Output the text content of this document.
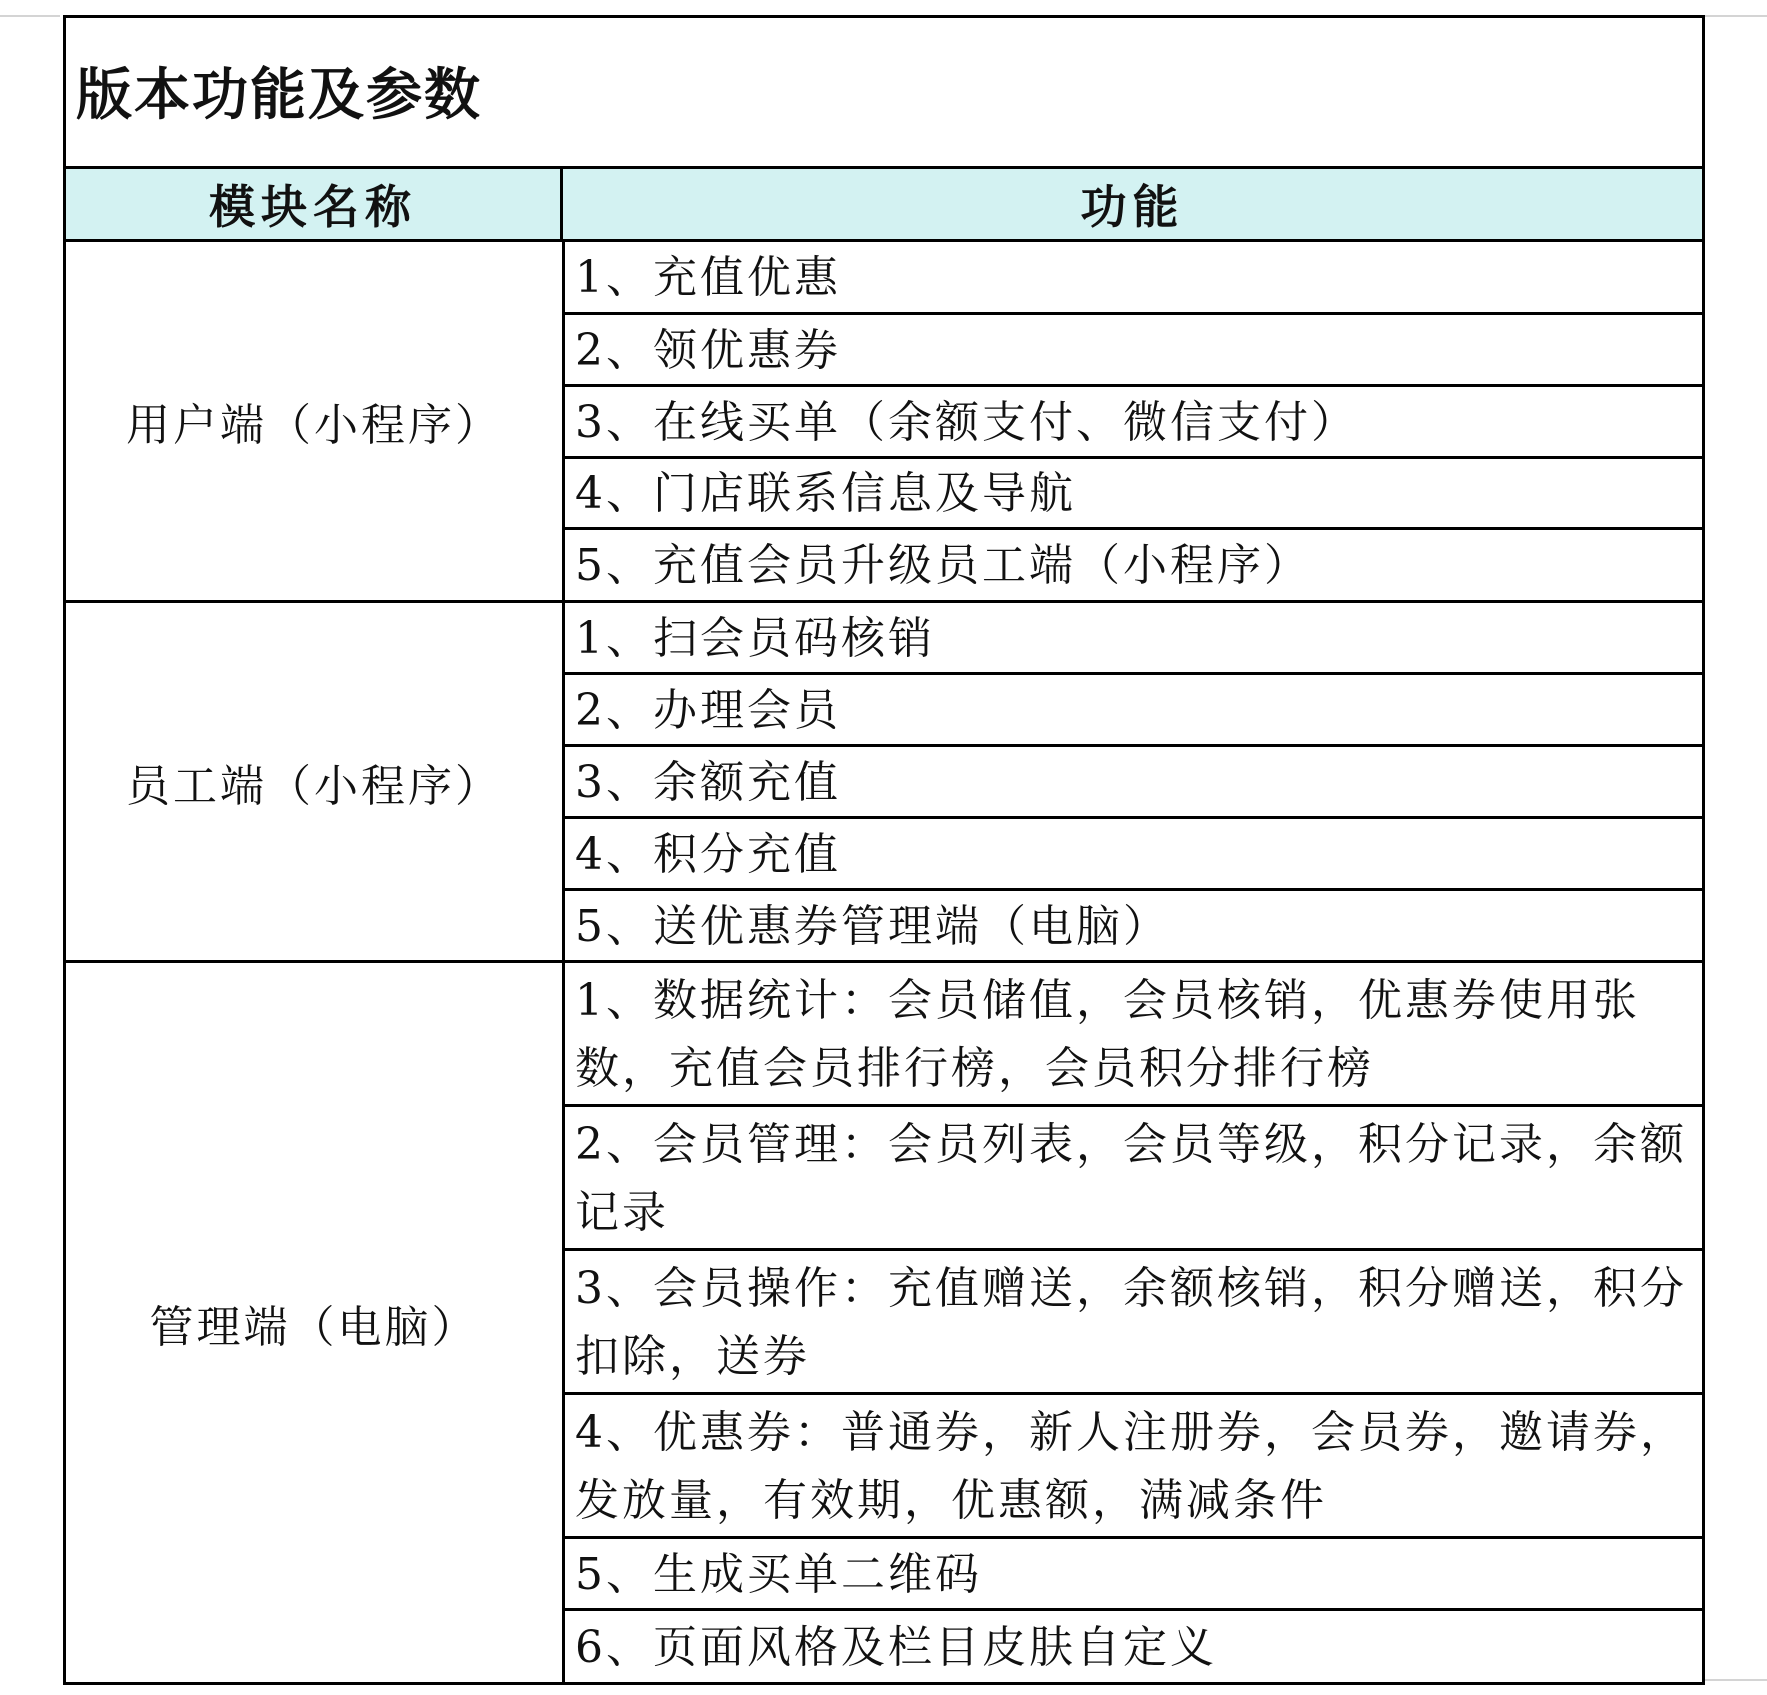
版本功能及参数
模块名称	功能
用户端（小程序）
1、充值优惠
2、领优惠券
3、在线买单（余额支付、微信支付）
4、门店联系信息及导航
5、充值会员升级员工端（小程序）
员工端（小程序）
1、扫会员码核销
2、办理会员
3、余额充值
4、积分充值
5、送优惠券管理端（电脑）
管理端（电脑）
1、数据统计：会员储值，会员核销，优惠券使用张数，充值会员排行榜，会员积分排行榜
2、会员管理：会员列表，会员等级，积分记录，余额记录
3、会员操作：充值赠送，余额核销，积分赠送，积分扣除，送券
4、优惠券：普通券，新人注册券，会员券，邀请券，发放量，有效期，优惠额，满减条件
5、生成买单二维码
6、页面风格及栏目皮肤自定义
